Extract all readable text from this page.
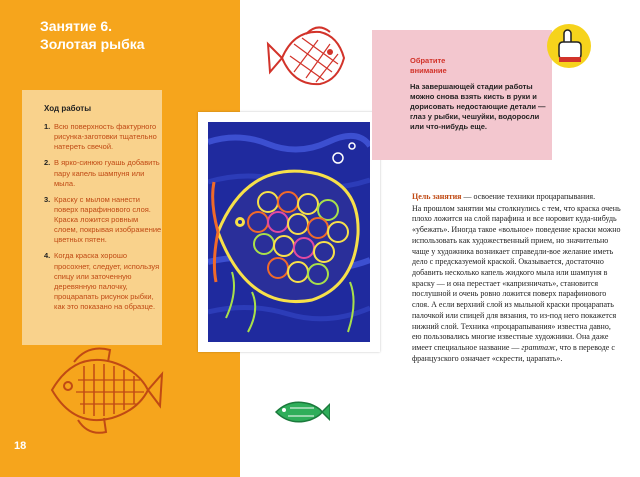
Занятие 6.
Золотая рыбка
Ход работы
1. Всю поверхность фактурного рисунка-заготовки тщательно натереть свечой.
2. В ярко-синюю гуашь добавить пару капель шампуня или мыла.
3. Краску с мылом нанести поверх парафинового слоя. Краска ложится ровным слоем, покрывая изображение цветных пятен.
4. Когда краска хорошо просохнет, следует, используя спицу или заточенную деревянную палочку, процарапать рисунок рыбки, как это показано на образце.
18
Обратите
внимание
На завершающей стадии работы можно снова взять кисть в руки и дорисовать недостающие детали — глаз у рыбки, чешуйки, водоросли или что-нибудь еще.

Цель занятия — освоение техники процарапывания.

На прошлом занятии мы столкнулись с тем, что краска очень плохо ложится на слой парафина и все норовит куда-нибудь «убежать». Иногда такое «вольное» поведение краски можно использовать как художественный прием, но значительно чаще у художника возникает справедли-вое желание иметь дело с предсказуемой краской. Оказывается, достаточно добавить несколько капель жидкого мыла или шампуня в краску — и она перестает «капризничать», становится послушной и очень ровно ложится поверх парафинового слоя. А если верхний слой из мыльной краски процарапать палочкой или спицей для вязания, то из-под него покажется нижний слой. Техника «процарапывания» известна давно, ею пользовались многие известные художники. Она даже имеет специальное название — граттаж, что в переводе с французского означает «скрести, царапать».
